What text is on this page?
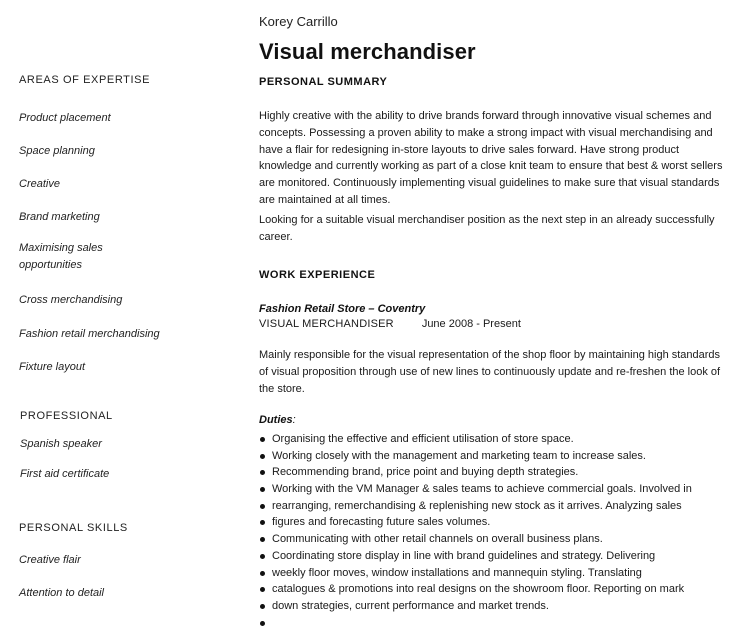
AREAS OF EXPERTISE
Product placement
Space planning
Creative
Brand marketing
Maximising sales opportunities
Cross merchandising
Fashion retail merchandising
Fixture layout
PROFESSIONAL
Spanish speaker
First aid certificate
PERSONAL SKILLS
Creative flair
Attention to detail
Korey Carrillo
Visual merchandiser
PERSONAL SUMMARY

Highly creative with the ability to drive brands forward through innovative visual schemes and concepts. Possessing a proven ability to make a strong impact with visual merchandising and have a flair for redesigning in-store layouts to drive sales forward. Have strong product knowledge and currently working as part of a close knit team to ensure that best & worst sellers are monitored. Continuously implementing visual guidelines to make sure that visual standards are maintained at all times.

Looking for a suitable visual merchandiser position as the next step in an already successfully career.

WORK EXPERIENCE
Fashion Retail Store – Coventry
VISUAL MERCHANDISER	June 2008 - Present

Mainly responsible for the visual representation of the shop floor by maintaining high standards of visual proposition through use of new lines to continuously update and re-freshen the look of the store.

Duties:
Organising the effective and efficient utilisation of store space.
Working closely with the management and marketing team to increase sales.
Recommending brand, price point and buying depth strategies.
Working with the VM Manager & sales teams to achieve commercial goals. Involved in
rearranging, remerchandising & replenishing new stock as it arrives. Analyzing sales
figures and forecasting future sales volumes.
Communicating with other retail channels on overall business plans.
Coordinating store display in line with brand guidelines and strategy. Delivering
weekly floor moves, window installations and mannequin styling. Translating
catalogues & promotions into real designs on the showroom floor. Reporting on mark
down strategies, current performance and market trends.
